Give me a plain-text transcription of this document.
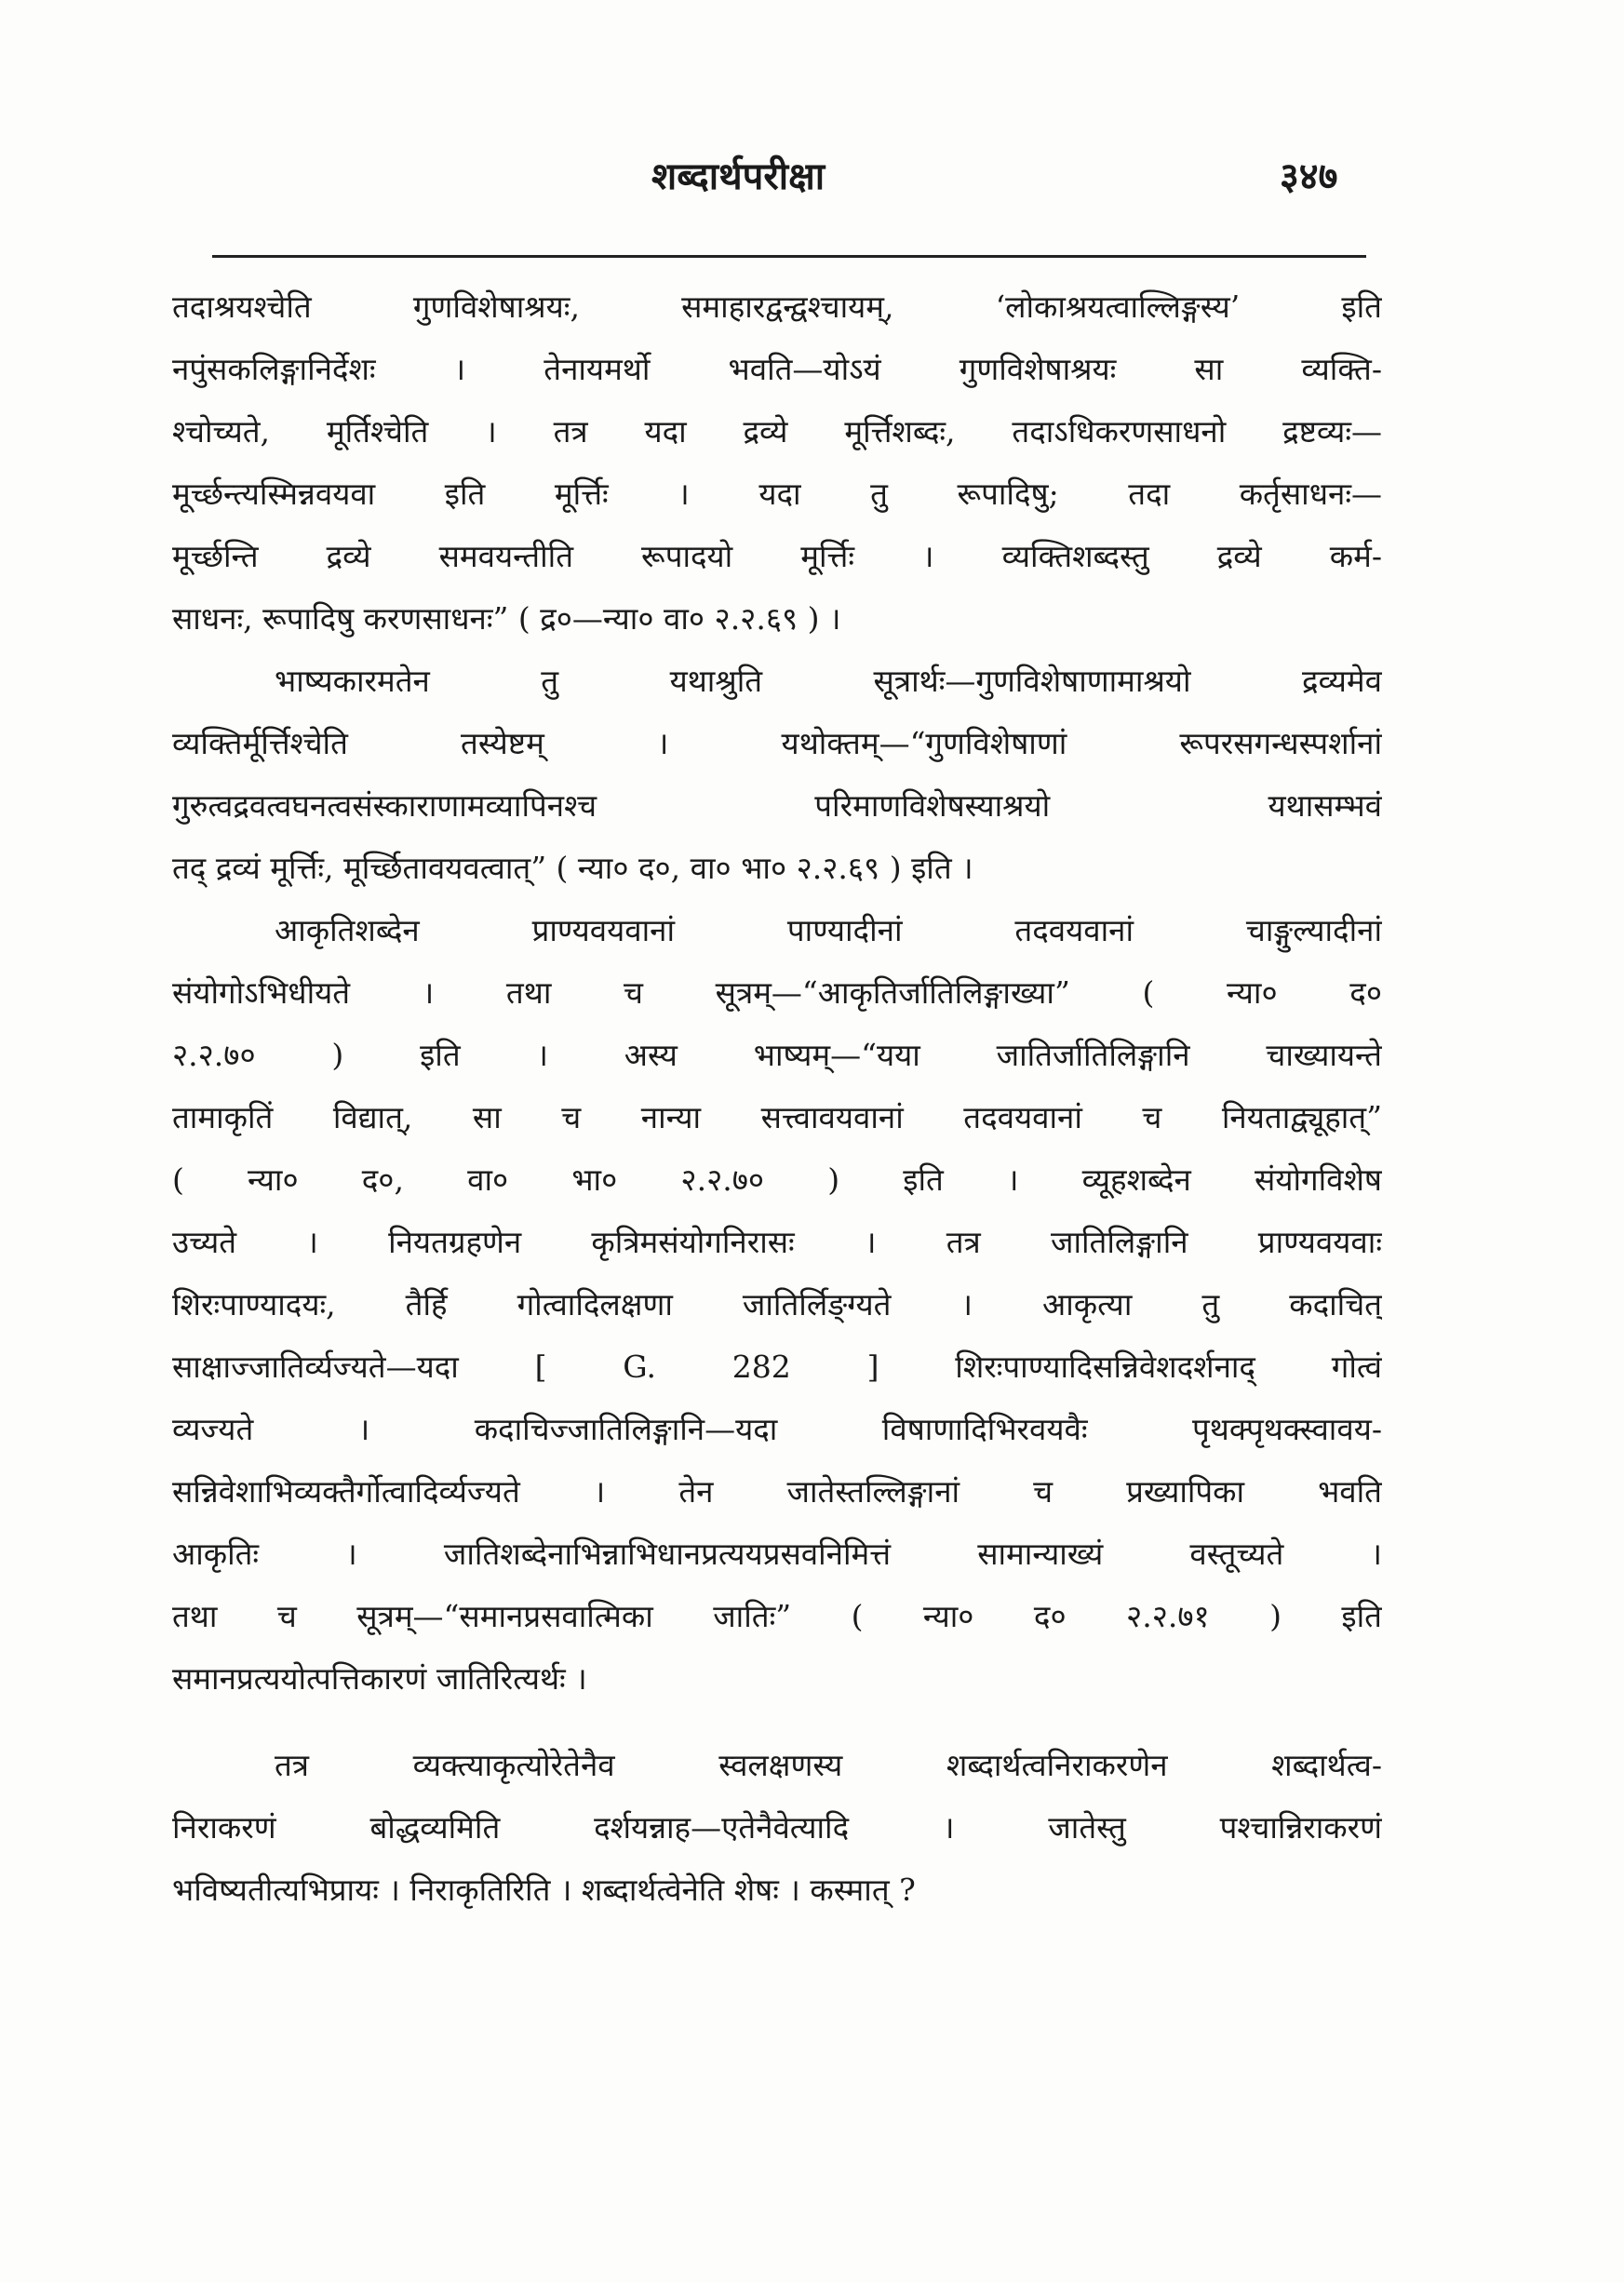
शब्दार्थपरीक्षा	३४७
तदाश्रयश्चेति गुणविशेषाश्रयः, समाहारद्वन्द्वश्चायम्, ‘लोकाश्रयत्वाल्लिङ्गस्य’ इति
नपुंसकलिङ्गानिर्देशः । तेनायमर्थो भवति—योऽयं गुणविशेषाश्रयः सा व्यक्ति-
श्चोच्यते, मूर्तिश्चेति । तत्र यदा द्रव्ये मूर्त्तिशब्दः, तदाऽधिकरणसाधनो द्रष्टव्यः—
मूर्च्छन्त्यस्मिन्नवयवा इति मूर्त्तिः । यदा तु रूपादिषु; तदा कर्तृसाधनः—
मूर्च्छन्ति द्रव्ये समवयन्तीति रूपादयो मूर्त्तिः । व्यक्तिशब्दस्तु द्रव्ये कर्म-
साधनः, रूपादिषु करणसाधनः” ( द्र०—न्या० वा० २.२.६९ ) ।
भाष्यकारमतेन तु यथाश्रुति सूत्रार्थः—गुणविशेषाणामाश्रयो द्रव्यमेव
व्यक्तिर्मूर्त्तिश्चेति तस्येष्टम् । यथोक्तम्—“गुणविशेषाणां रूपरसगन्धस्पर्शानां
गुरुत्वद्रवत्वघनत्वसंस्काराणामव्यापिनश्च परिमाणविशेषस्याश्रयो यथासम्भवं
तद् द्रव्यं मूर्त्तिः, मूर्च्छितावयवत्वात्” ( न्या० द०, वा० भा० २.२.६९ ) इति ।
आकृतिशब्देन प्राण्यवयवानां पाण्यादीनां तदवयवानां चाङ्गुल्यादीनां
संयोगोऽभिधीयते । तथा च सूत्रम्—“आकृतिर्जातिलिङ्गाख्या” ( न्या० द०
२.२.७० ) इति । अस्य भाष्यम्—“यया जातिर्जातिलिङ्गानि चाख्यायन्ते
तामाकृतिं विद्यात्, सा च नान्या सत्त्वावयवानां तदवयवानां च नियताद्व्यूहात्”
( न्या० द०, वा० भा० २.२.७० ) इति । व्यूहशब्देन संयोगविशेष
उच्यते । नियतग्रहणेन कृत्रिमसंयोगनिरासः । तत्र जातिलिङ्गानि प्राण्यवयवाः
शिरःपाण्यादयः, तैर्हि गोत्वादिलक्षणा जातिर्लिङ्ग्यते । आकृत्या तु कदाचित्
साक्षाज्जातिर्व्यज्यते—यदा [ G. 282 ] शिरःपाण्यादिसन्निवेशदर्शनाद् गोत्वं
व्यज्यते । कदाचिज्जातिलिङ्गानि—यदा विषाणादिभिरवयवैः पृथक्पृथक्स्वावय-
सन्निवेशाभिव्यक्तैर्गोत्वादिर्व्यज्यते । तेन जातेस्तल्लिङ्गानां च प्रख्यापिका भवति
आकृतिः । जातिशब्देनाभिन्नाभिधानप्रत्ययप्रसवनिमित्तं सामान्याख्यं वस्तूच्यते ।
तथा च सूत्रम्—“समानप्रसवात्मिका जातिः” ( न्या० द० २.२.७१ ) इति
समानप्रत्ययोत्पत्तिकारणं जातिरित्यर्थः ।
तत्र व्यक्त्याकृत्योरेतेनैव स्वलक्षणस्य शब्दार्थत्वनिराकरणेन शब्दार्थत्व-
निराकरणं बोद्धव्यमिति दर्शयन्नाह—एतेनैवेत्यादि । जातेस्तु पश्चान्निराकरणं
भविष्यतीत्यभिप्रायः । निराकृतिरिति । शब्दार्थत्वेनेति शेषः । कस्मात् ?
